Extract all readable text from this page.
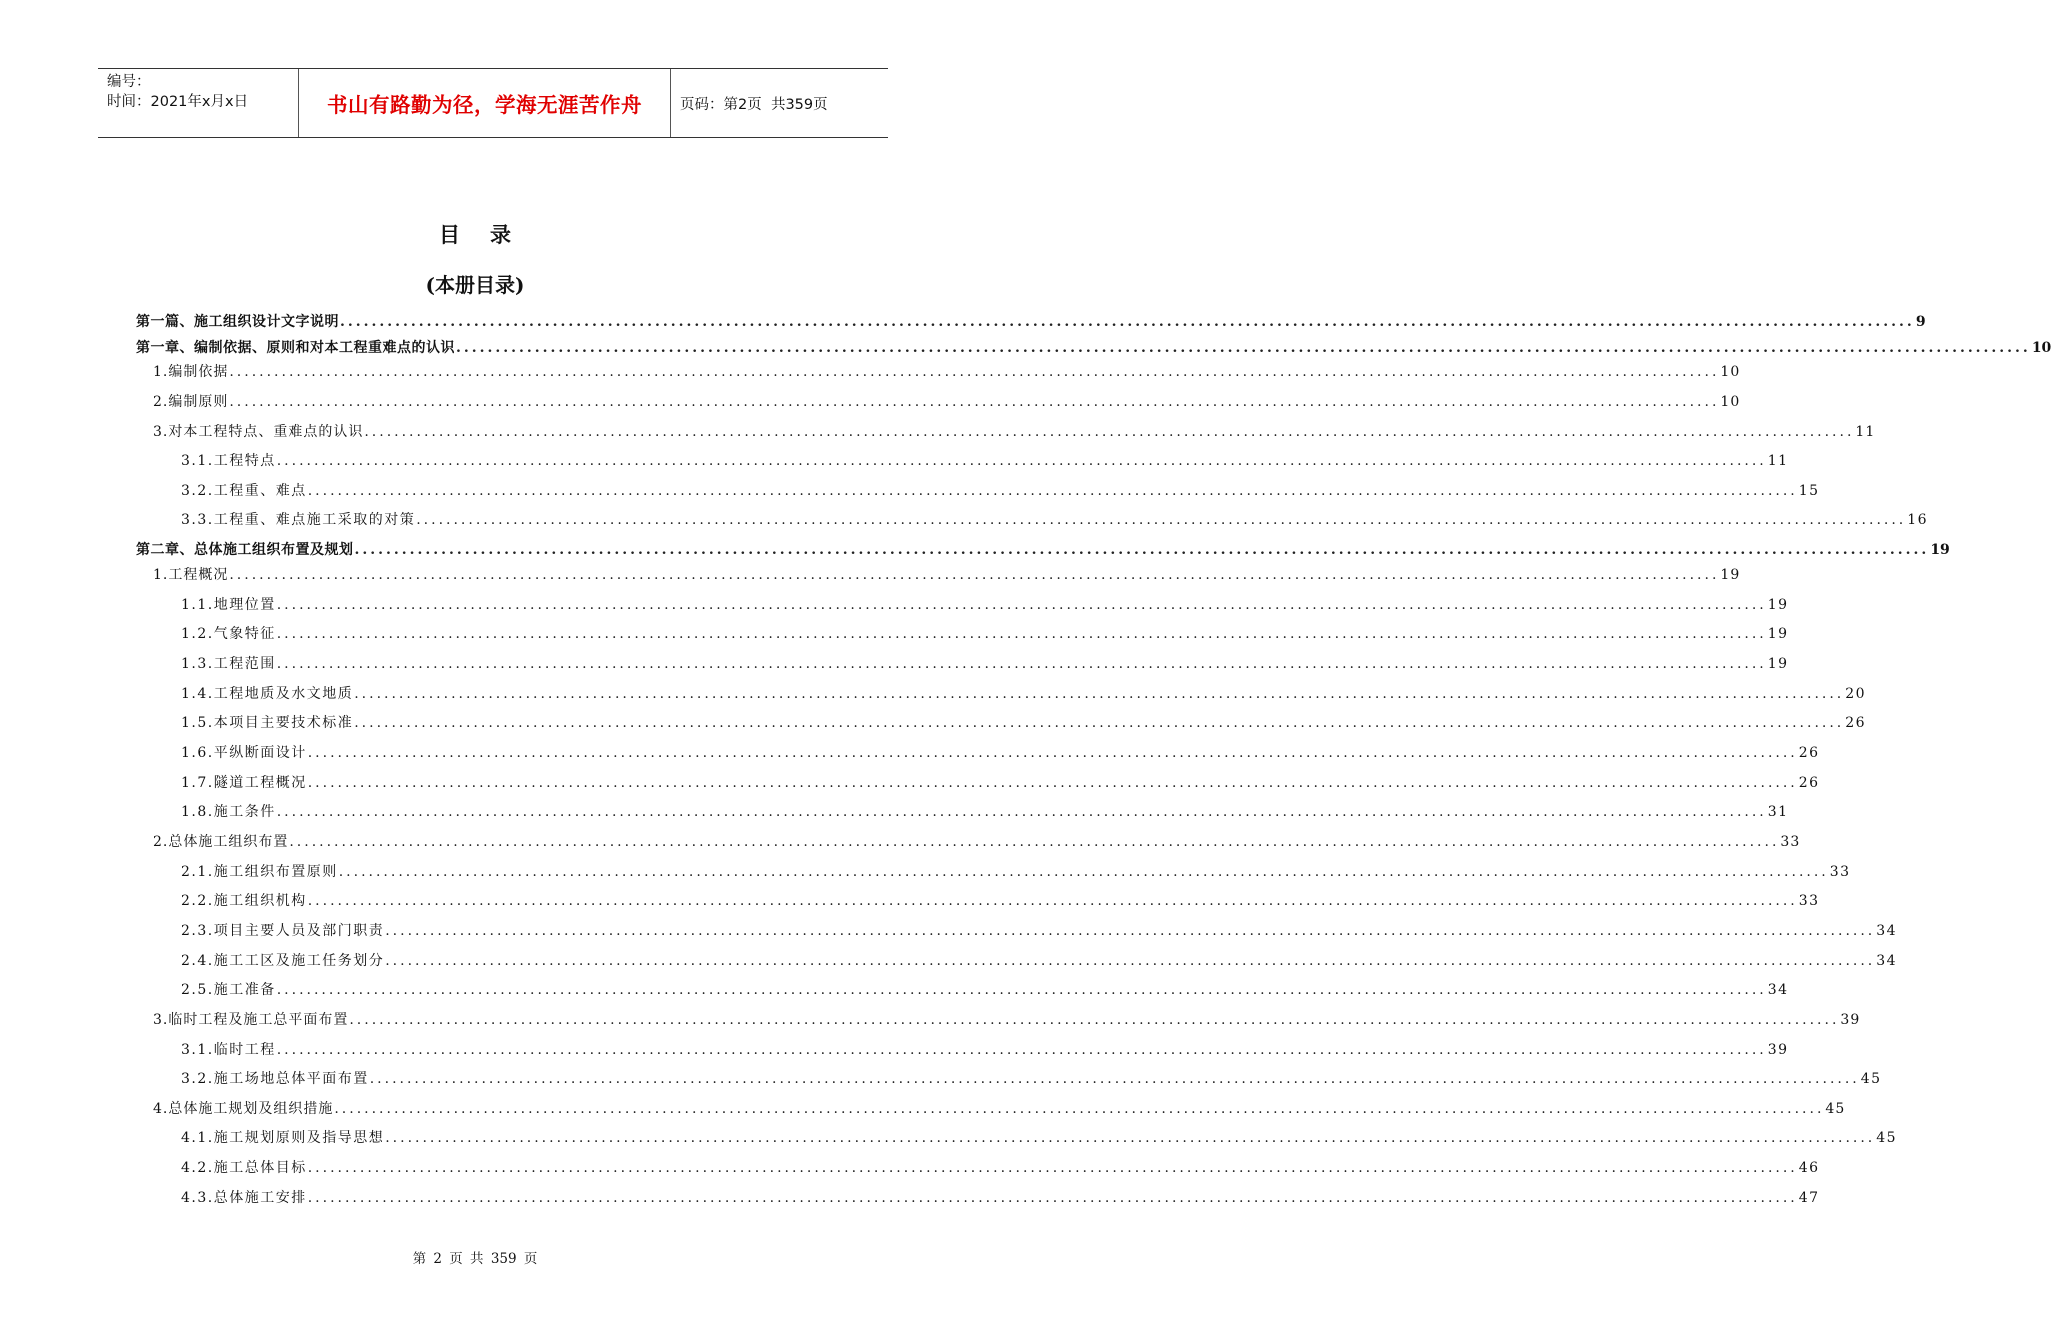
编号：
时间：2021年x月x日	书山有路勤为径，学海无涯苦作舟	页码：第2页  共359页
目录
(本册目录)
第一篇、施工组织设计文字说明 ........................................................................................................................................................................................................ 9
第一章、编制依据、原则和对本工程重难点的认识 ........................................................................................................................................................................................................ 10
1.编制依据 ........................................................................................................................................................................................................ 10
2.编制原则 ........................................................................................................................................................................................................ 10
3.对本工程特点、重难点的认识 ........................................................................................................................................................................................................ 11
3.1.工程特点 ........................................................................................................................................................................................................ 11
3.2.工程重、难点 ........................................................................................................................................................................................................ 15
3.3.工程重、难点施工采取的对策 ........................................................................................................................................................................................................ 16
第二章、总体施工组织布置及规划 ........................................................................................................................................................................................................ 19
1.工程概况 ........................................................................................................................................................................................................ 19
1.1.地理位置 ........................................................................................................................................................................................................ 19
1.2.气象特征 ........................................................................................................................................................................................................ 19
1.3.工程范围 ........................................................................................................................................................................................................ 19
1.4.工程地质及水文地质 ........................................................................................................................................................................................................ 20
1.5.本项目主要技术标准 ........................................................................................................................................................................................................ 26
1.6.平纵断面设计 ........................................................................................................................................................................................................ 26
1.7.隧道工程概况 ........................................................................................................................................................................................................ 26
1.8.施工条件 ........................................................................................................................................................................................................ 31
2.总体施工组织布置 ........................................................................................................................................................................................................ 33
2.1.施工组织布置原则 ........................................................................................................................................................................................................ 33
2.2.施工组织机构 ........................................................................................................................................................................................................ 33
2.3.项目主要人员及部门职责 ........................................................................................................................................................................................................ 34
2.4.施工工区及施工任务划分 ........................................................................................................................................................................................................ 34
2.5.施工准备 ........................................................................................................................................................................................................ 34
3.临时工程及施工总平面布置 ........................................................................................................................................................................................................ 39
3.1.临时工程 ........................................................................................................................................................................................................ 39
3.2.施工场地总体平面布置 ........................................................................................................................................................................................................ 45
4.总体施工规划及组织措施 ........................................................................................................................................................................................................ 45
4.1.施工规划原则及指导思想 ........................................................................................................................................................................................................ 45
4.2.施工总体目标 ........................................................................................................................................................................................................ 46
4.3.总体施工安排 ........................................................................................................................................................................................................ 47
第 2 页 共 359 页
